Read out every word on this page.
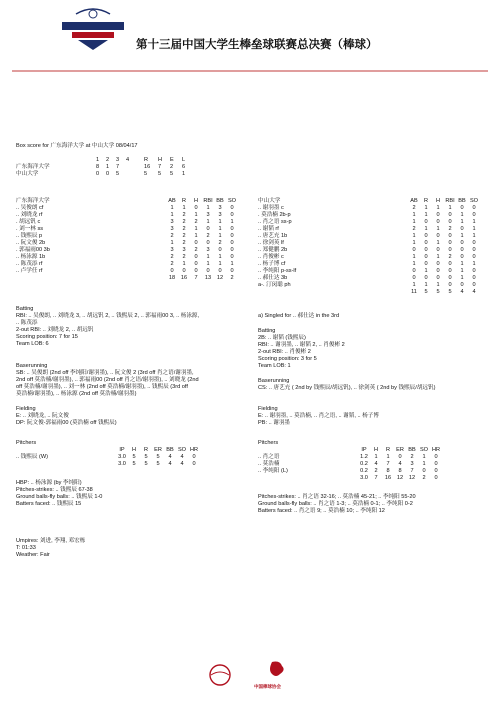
第十三届中国大学生棒垒球联赛总决赛（棒球）
Box score for 广东海洋大学 at 中山大学 08/04/17
	1	2	3	4	R	H	E	L
广东海洋大学	8	1	7		16	7	2	6
中山大学	0	0	5		5	5	5	1
广东海洋大学	AB	R	H	RBI	BB	SO
.. 吴俊朗 cf	1	1	0	1	3	0
.. 刘晓龙 rf	1	2	1	3	3	0
. 胡远钒 c	3	2	2	1	1	1
. 刘一林 ss	3	2	1	0	1	0
.. 钱熙辰 p	2	2	1	2	1	0
.. 阮文俊 2b	1	2	0	0	2	0
. 郭福雨00 3b	3	3	2	3	0	0
.. 杨泳源 1b	2	2	0	1	1	0
.. 陈茂添 rf	2	1	0	1	1	1
.. 卢学任 rf	0	0	0	0	0	0
	18	16	7	13	12	2
中山大学	AB	R	H	RBI	BB	SO
.. 谢羽墨 c	2	1	1	1	0	0
. 莫浩楠 2b-p	1	1	0	0	1	0
.. 肖之语 ss-p	1	0	0	0	1	1
.. 谢韬 rf	2	1	1	2	0	1
.. 唐艺充 1b	1	0	0	0	1	1
.. 徐剑英 lf	1	0	1	0	0	0
.. 郑健鹏 2b	0	0	0	0	0	0
.. 肖俊彬 c	1	0	1	2	0	0
.. 杨子博 cf	1	0	0	0	1	1
.. 李纯阳 p-ss-lf	0	1	0	0	1	0
.. 郝仕达 3b	0	0	0	0	1	0
a-. 汀闵聪 ph	1	1	1	0	0	0
	11	5	5	5	4	4
a) Singled for .. 郝仕达 in the 3rd
Batting
RBI: .. 吴俊朗, .. 刘晓龙 3, .. 胡远钒 2, .. 钱熙辰 2, .. 郭福雨00 3, .. 杨泳源,
.. 陈茂添
2-out RBI: .. 刘晓龙 2, .. 胡远钒
Scoring position: 7 for 15
Team LOB: 6
Baserunning
SB: .. 吴俊朗 (2nd off 李纯阳/谢羽墨), .. 阮文俊 2 (3rd off 肖之语/谢羽墨,
2nd off 莫浩楠/谢羽墨), .. 郭福雨00 (2nd off 肖之语/谢羽墨), .. 刘晓龙 (2nd
off 莫浩楠/谢羽墨), .. 刘一林 (2nd off 莫浩楠/谢羽墨), .. 钱熙辰 (3rd off
莫浩楠/谢羽墨), .. 杨泳源 (2nd off 莫浩楠/谢羽墨)
Fielding
E: .. 刘晓龙, .. 阮文俊
DP: 阮文俊-郭福雨00 (莫浩楠 off 钱熙辰)
Batting
2B: .. 谢韬 (钱熙辰)
RBI: .. 谢羽墨, .. 谢韬 2, .. 肖俊彬 2
2-out RBI: .. 肖俊彬 2
Scoring position: 3 for 5
Team LOB: 1
Baserunning
CS: .. 唐艺充 ( 2nd by 钱熙辰/胡远钒), .. 徐剑英 ( 2nd by 钱熙辰/胡远钒)
Fielding
E: .. 谢羽墨, .. 莫浩楠, .. 肖之语, .. 谢韬, .. 杨子博
PB: .. 谢羽墨
Pitchers
	IP	H	R	ER	BB	SO	HR
.. 钱熙辰 (W)	3.0	5	5	5	4	4	0
	3.0	5	5	5	4	4	0
HBP: .. 杨泳源 (by 李纯阳)
Pitches-strikes: .. 钱熙辰 67-38
Ground balls-fly balls: .. 钱熙辰 1-0
Batters faced: .. 钱熙辰 15
Pitchers
	IP	H	R	ER	BB	SO	HR
.. 肖之语	1.2	1	1	0	2	1	0
.. 莫浩楠	0.2	4	7	4	3	1	0
.. 李纯阳 (L)	0.2	2	8	8	7	0	0
	3.0	7	16	12	12	2	0
Pitches-strikes: .. 肖之语 32-16; .. 莫浩楠 45-21; .. 李纯阳 55-20
Ground balls-fly balls: .. 肖之语 1-3; .. 莫浩楠 0-1; .. 李纯阳 0-2
Batters faced: .. 肖之语 9; .. 莫浩楠 10; .. 李纯阳 12
Umpires: 刘进, 李翔, 邓宏栋
T: 01:33
Weather: Fair
中国棒球协会
